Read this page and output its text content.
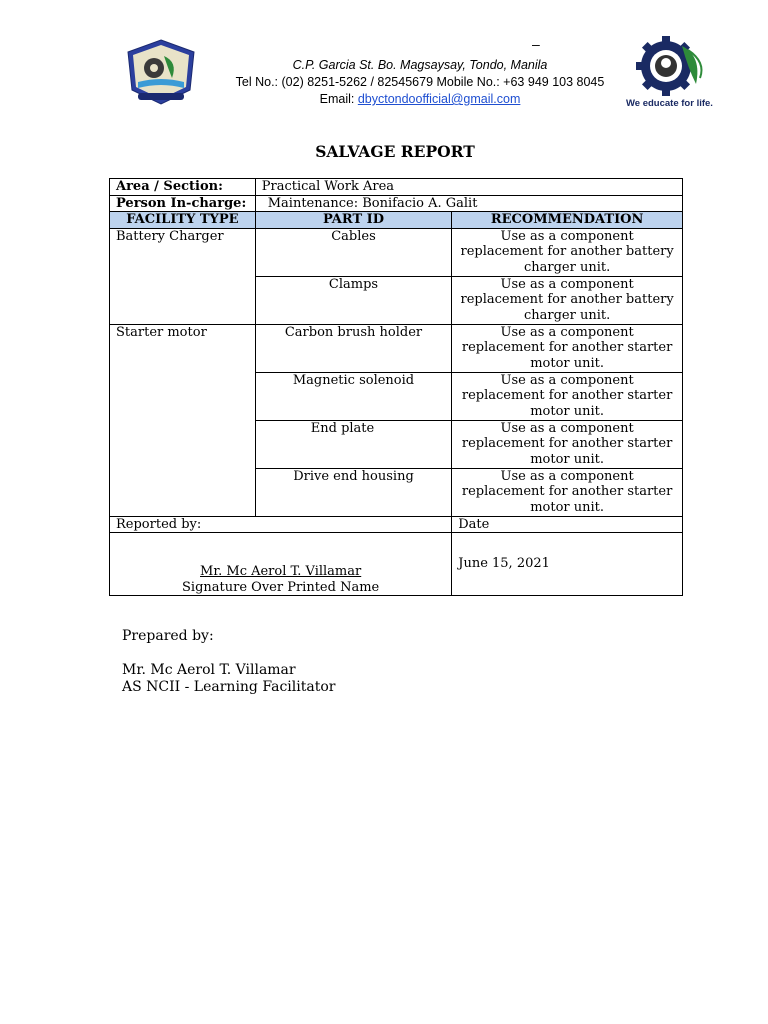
–
C.P. Garcia St. Bo. Magsaysay, Tondo, Manila
Tel No.: (02) 8251-5262 / 82545679 Mobile No.: +63 949 103 8045
Email: dbyctondoofficial@gmail.com	We educate for life.
SALVAGE REPORT
Area / Section:	Practical Work Area	
Person In-charge:	Maintenance: Bonifacio A. Galit	
FACILITY TYPE	PART ID	RECOMMENDATION
Battery Charger	Cables	Use as a component replacement for another battery charger unit.
	Clamps	Use as a component replacement for another battery charger unit.
Starter motor	Carbon brush holder	Use as a component replacement for another starter motor unit.
	Magnetic solenoid	Use as a component replacement for another starter motor unit.
	End plate	Use as a component replacement for another starter motor unit.
	Drive end housing	Use as a component replacement for another starter motor unit.
Reported by:		Date

Mr. Mc Aerol T. Villamar
Signature Over Printed Name		June 15, 2021
Prepared by:
Mr. Mc Aerol T. Villamar
AS NCII - Learning Facilitator
